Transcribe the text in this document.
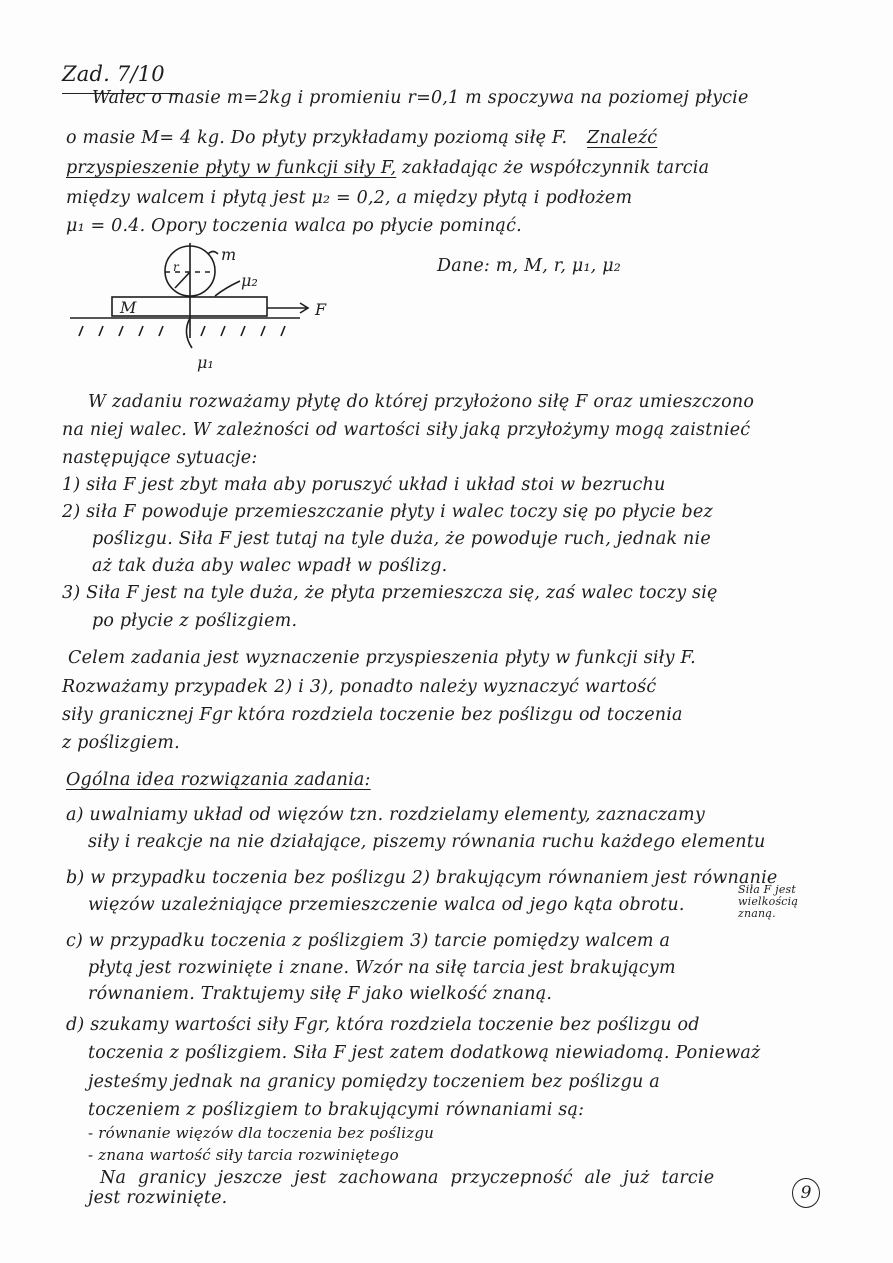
Zad. 7/10
Walec o masie m=2kg i promieniu r=0,1 m spoczywa na poziomej płycie
o masie M= 4 kg. Do płyty przykładamy poziomą siłę F. Znaleźć
przyspieszenie płyty w funkcji siły F, zakładając że współczynnik tarcia
między walcem i płytą jest μ₂ = 0,2, a między płytą i podłożem
μ₁ = 0.4. Opory toczenia walca po płycie pominąć.
Dane: m, M, r, μ₁, μ₂
m
r
M	F
μ₂
μ₁
W zadaniu rozważamy płytę do której przyłożono siłę F oraz umieszczono
na niej walec. W zależności od wartości siły jaką przyłożymy mogą zaistnieć
następujące sytuacje:
1) siła F jest zbyt mała aby poruszyć układ i układ stoi w bezruchu
2) siła F powoduje przemieszczanie płyty i walec toczy się po płycie bez
poślizgu. Siła F jest tutaj na tyle duża, że powoduje ruch, jednak nie
aż tak duża aby walec wpadł w poślizg.
3) Siła F jest na tyle duża, że płyta przemieszcza się, zaś walec toczy się
po płycie z poślizgiem.
Celem zadania jest wyznaczenie przyspieszenia płyty w funkcji siły F.
Rozważamy przypadek 2) i 3), ponadto należy wyznaczyć wartość
siły granicznej Fgr która rozdziela toczenie bez poślizgu od toczenia
z poślizgiem.
Ogólna idea rozwiązania zadania:
a) uwalniamy układ od więzów tzn. rozdzielamy elementy, zaznaczamy
siły i reakcje na nie działające, piszemy równania ruchu każdego elementu
b) w przypadku toczenia bez poślizgu 2) brakującym równaniem jest równanie
więzów uzależniające przemieszczenie walca od jego kąta obrotu.
Siła F jest wielkością znaną.
c) w przypadku toczenia z poślizgiem 3) tarcie pomiędzy walcem a
płytą jest rozwinięte i znane. Wzór na siłę tarcia jest brakującym
równaniem. Traktujemy siłę F jako wielkość znaną.
d) szukamy wartości siły Fgr, która rozdziela toczenie bez poślizgu od
toczenia z poślizgiem. Siła F jest zatem dodatkową niewiadomą. Ponieważ
jesteśmy jednak na granicy pomiędzy toczeniem bez poślizgu a
toczeniem z poślizgiem to brakującymi równaniami są:
- równanie więzów dla toczenia bez poślizgu
- znana wartość siły tarcia rozwiniętego
Na granicy jeszcze jest zachowana przyczepność ale już tarcie
jest rozwinięte.	9
